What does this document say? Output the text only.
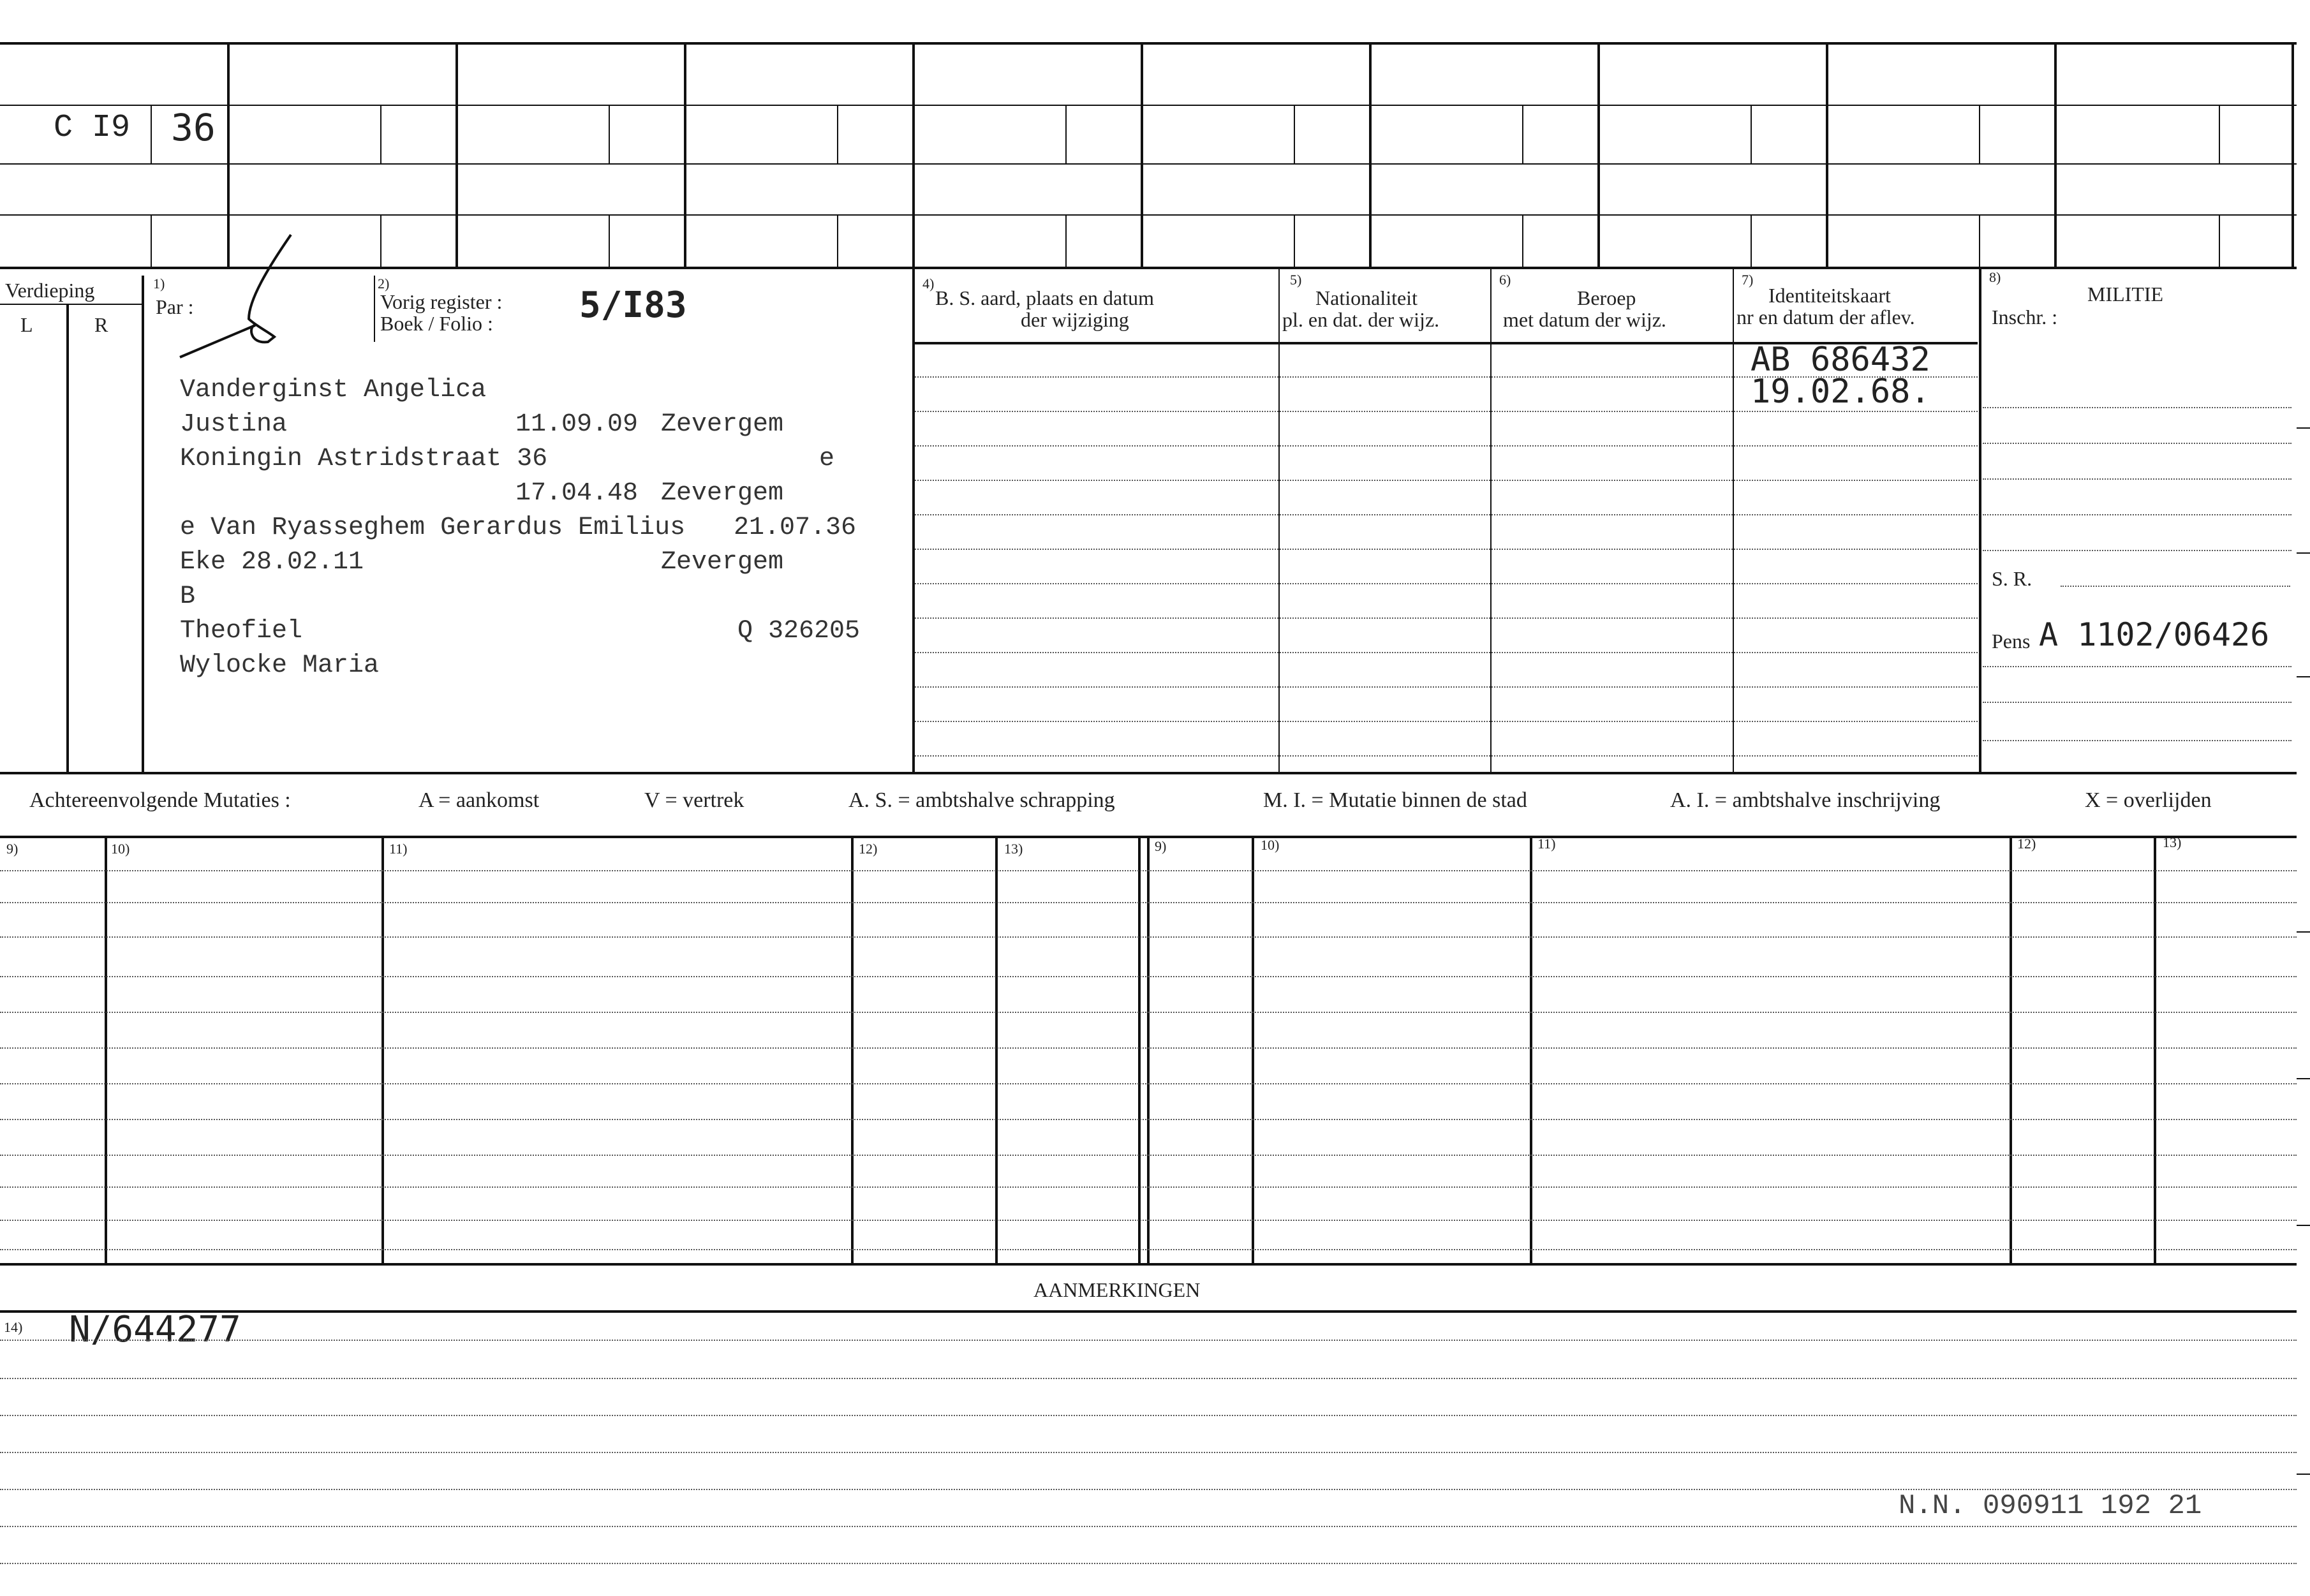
C I9 36
Verdieping
L	R
1)
Par :
2)
Vorig register :
Boek / Folio : 5/I83
4)
B. S. aard, plaats en datum
der wijziging
5)
Nationaliteit
pl. en dat. der wijz.
6)
Beroep
met datum der wijz.
7)
Identiteitskaart
nr en datum der aflev.
8)
MILITIE
Inschr. :
AB 686432
19.02.68.
S. R.
Pens A 1102/06426
Vanderginst Angelica
Justina	11.09.09 Zevergem
Koningin Astridstraat 36	e
17.04.48 Zevergem
e Van Ryasseghem Gerardus Emilius 21.07.36
Eke 28.02.11	Zevergem
B
Theofiel	Q 326205
Wylocke Maria
Achtereenvolgende Mutaties :	A = aankomst	V = vertrek	A. S. = ambtshalve schrapping	M. I. = Mutatie binnen de stad	A. I. = ambtshalve inschrijving	X = overlijden
9)	10)	11)	12)	13)	9)	10)	11)	12)	13)
AANMERKINGEN
14) N/644277
N.N. 090911 192 21
